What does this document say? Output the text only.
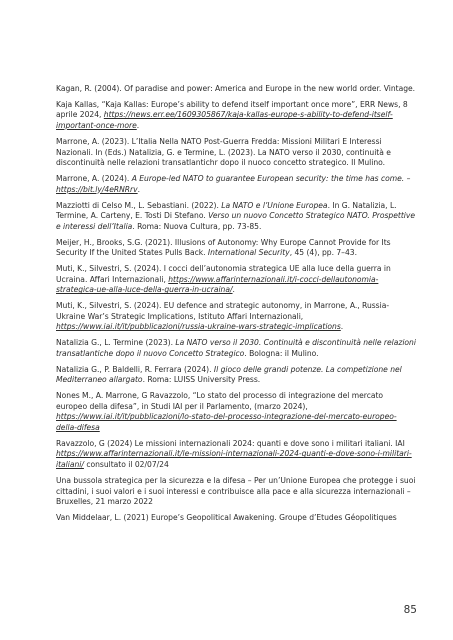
Kagan, R. (2004). Of paradise and power: America and Europe in the new world order. Vintage.
Kaja Kallas, “Kaja Kallas: Europe’s ability to defend itself important once more”, ERR News, 8 aprile 2024, https://news.err.ee/1609305867/kaja-kallas-europe-s-ability-to-defend-itself-important-once-more.
Marrone, A. (2023). L’Italia Nella NATO Post-Guerra Fredda: Missioni Militari E Interessi Nazionali. In (Eds.) Natalizia, G. e Termine, L. (2023). La NATO verso il 2030, continuità e discontinuità nelle relazioni transatlantichr dopo il nuoco concetto strategico. Il Mulino.
Marrone, A. (2024). A Europe-led NATO to guarantee European security: the time has come. – https://bit.ly/4eRNRrv.
Mazziotti di Celso M., L. Sebastiani. (2022). La NATO e l’Unione Europea. In G. Natalizia, L. Termine, A. Carteny, E. Tosti Di Stefano. Verso un nuovo Concetto Strategico NATO. Prospettive e interessi dell’Italia. Roma: Nuova Cultura, pp. 73-85.
Meijer, H., Brooks, S.G. (2021). Illusions of Autonomy: Why Europe Cannot Provide for Its Security If the United States Pulls Back. International Security, 45 (4), pp. 7–43.
Muti, K., Silvestri, S. (2024). I cocci dell’autonomia strategica UE alla luce della guerra in Ucraina. Affari Internazionali, https://www.affarinternazionali.it/i-cocci-dellautonomia-strategica-ue-alla-luce-della-guerra-in-ucraina/.
Muti, K., Silvestri, S. (2024). EU defence and strategic autonomy, in Marrone, A., Russia-Ukraine War’s Strategic Implications, Istituto Affari Internazionali, https://www.iai.it/it/pubblicazioni/russia-ukraine-wars-strategic-implications.
Natalizia G., L. Termine (2023). La NATO verso il 2030. Continuità e discontinuità nelle relazioni transatlantiche dopo il nuovo Concetto Strategico. Bologna: il Mulino.
Natalizia G., P. Baldelli, R. Ferrara (2024). Il gioco delle grandi potenze. La competizione nel Mediterraneo allargato. Roma: LUISS University Press.
Nones M., A. Marrone, G Ravazzolo, “Lo stato del processo di integrazione del mercato europeo della difesa”, in Studi IAI per il Parlamento, (marzo 2024), https://www.iai.it/it/pubblicazioni/lo-stato-del-processo-integrazione-del-mercato-europeo-della-difesa
Ravazzolo, G (2024) Le missioni internazionali 2024: quanti e dove sono i militari italiani. IAI https://www.affarinternazionali.it/le-missioni-internazionali-2024-quanti-e-dove-sono-i-militari-italiani/ consultato il 02/07/24
Una bussola strategica per la sicurezza e la difesa – Per un’Unione Europea che protegge i suoi cittadini, i suoi valori e i suoi interessi e contribuisce alla pace e alla sicurezza internazionali – Bruxelles, 21 marzo 2022
Van Middelaar, L. (2021) Europe’s Geopolitical Awakening. Groupe d’Etudes Géopolitiques
85
